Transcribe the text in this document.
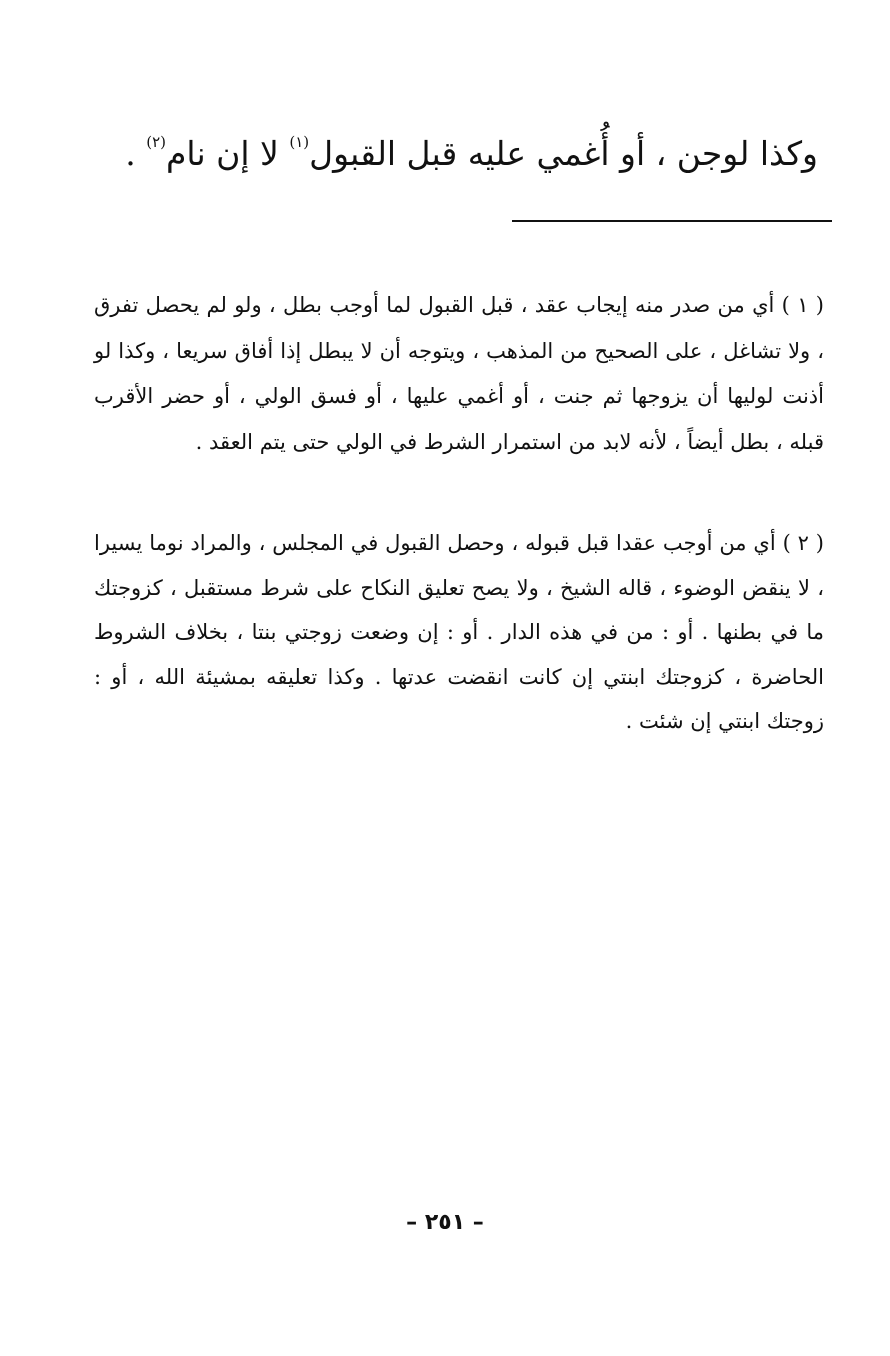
وكذا لوجن ، أو أُغمي عليه قبل القبول$^{(١)}$ لا إن نام$^{(٢)}$ .

( ١ ) أي من صدر منه إيجاب عقد ، قبل القبول لما أوجب بطل ، ولو لم يحصل تفرق ، ولا تشاغل ، على الصحيح من المذهب ، ويتوجه أن لا يبطل إذا أفاق سريعا ، وكذا لو أذنت لوليها أن يزوجها ثم جنت ، أو أغمي عليها ، أو فسق الولي ، أو حضر الأقرب قبله ، بطل أيضاً ، لأنه لابد من استمرار الشرط في الولي حتى يتم العقد .

( ٢ ) أي من أوجب عقدا قبل قبوله ، وحصل القبول في المجلس ، والمراد نوما يسيرا ، لا ينقض الوضوء ، قاله الشيخ ، ولا يصح تعليق النكاح على شرط مستقبل ، كزوجتك ما في بطنها . أو : من في هذه الدار . أو : إن وضعت زوجتي بنتا ، بخلاف الشروط الحاضرة ، كزوجتك ابنتي إن كانت انقضت عدتها . وكذا تعليقه بمشيئة الله ، أو : زوجتك ابنتي إن شئت .

– ٢٥١ –
